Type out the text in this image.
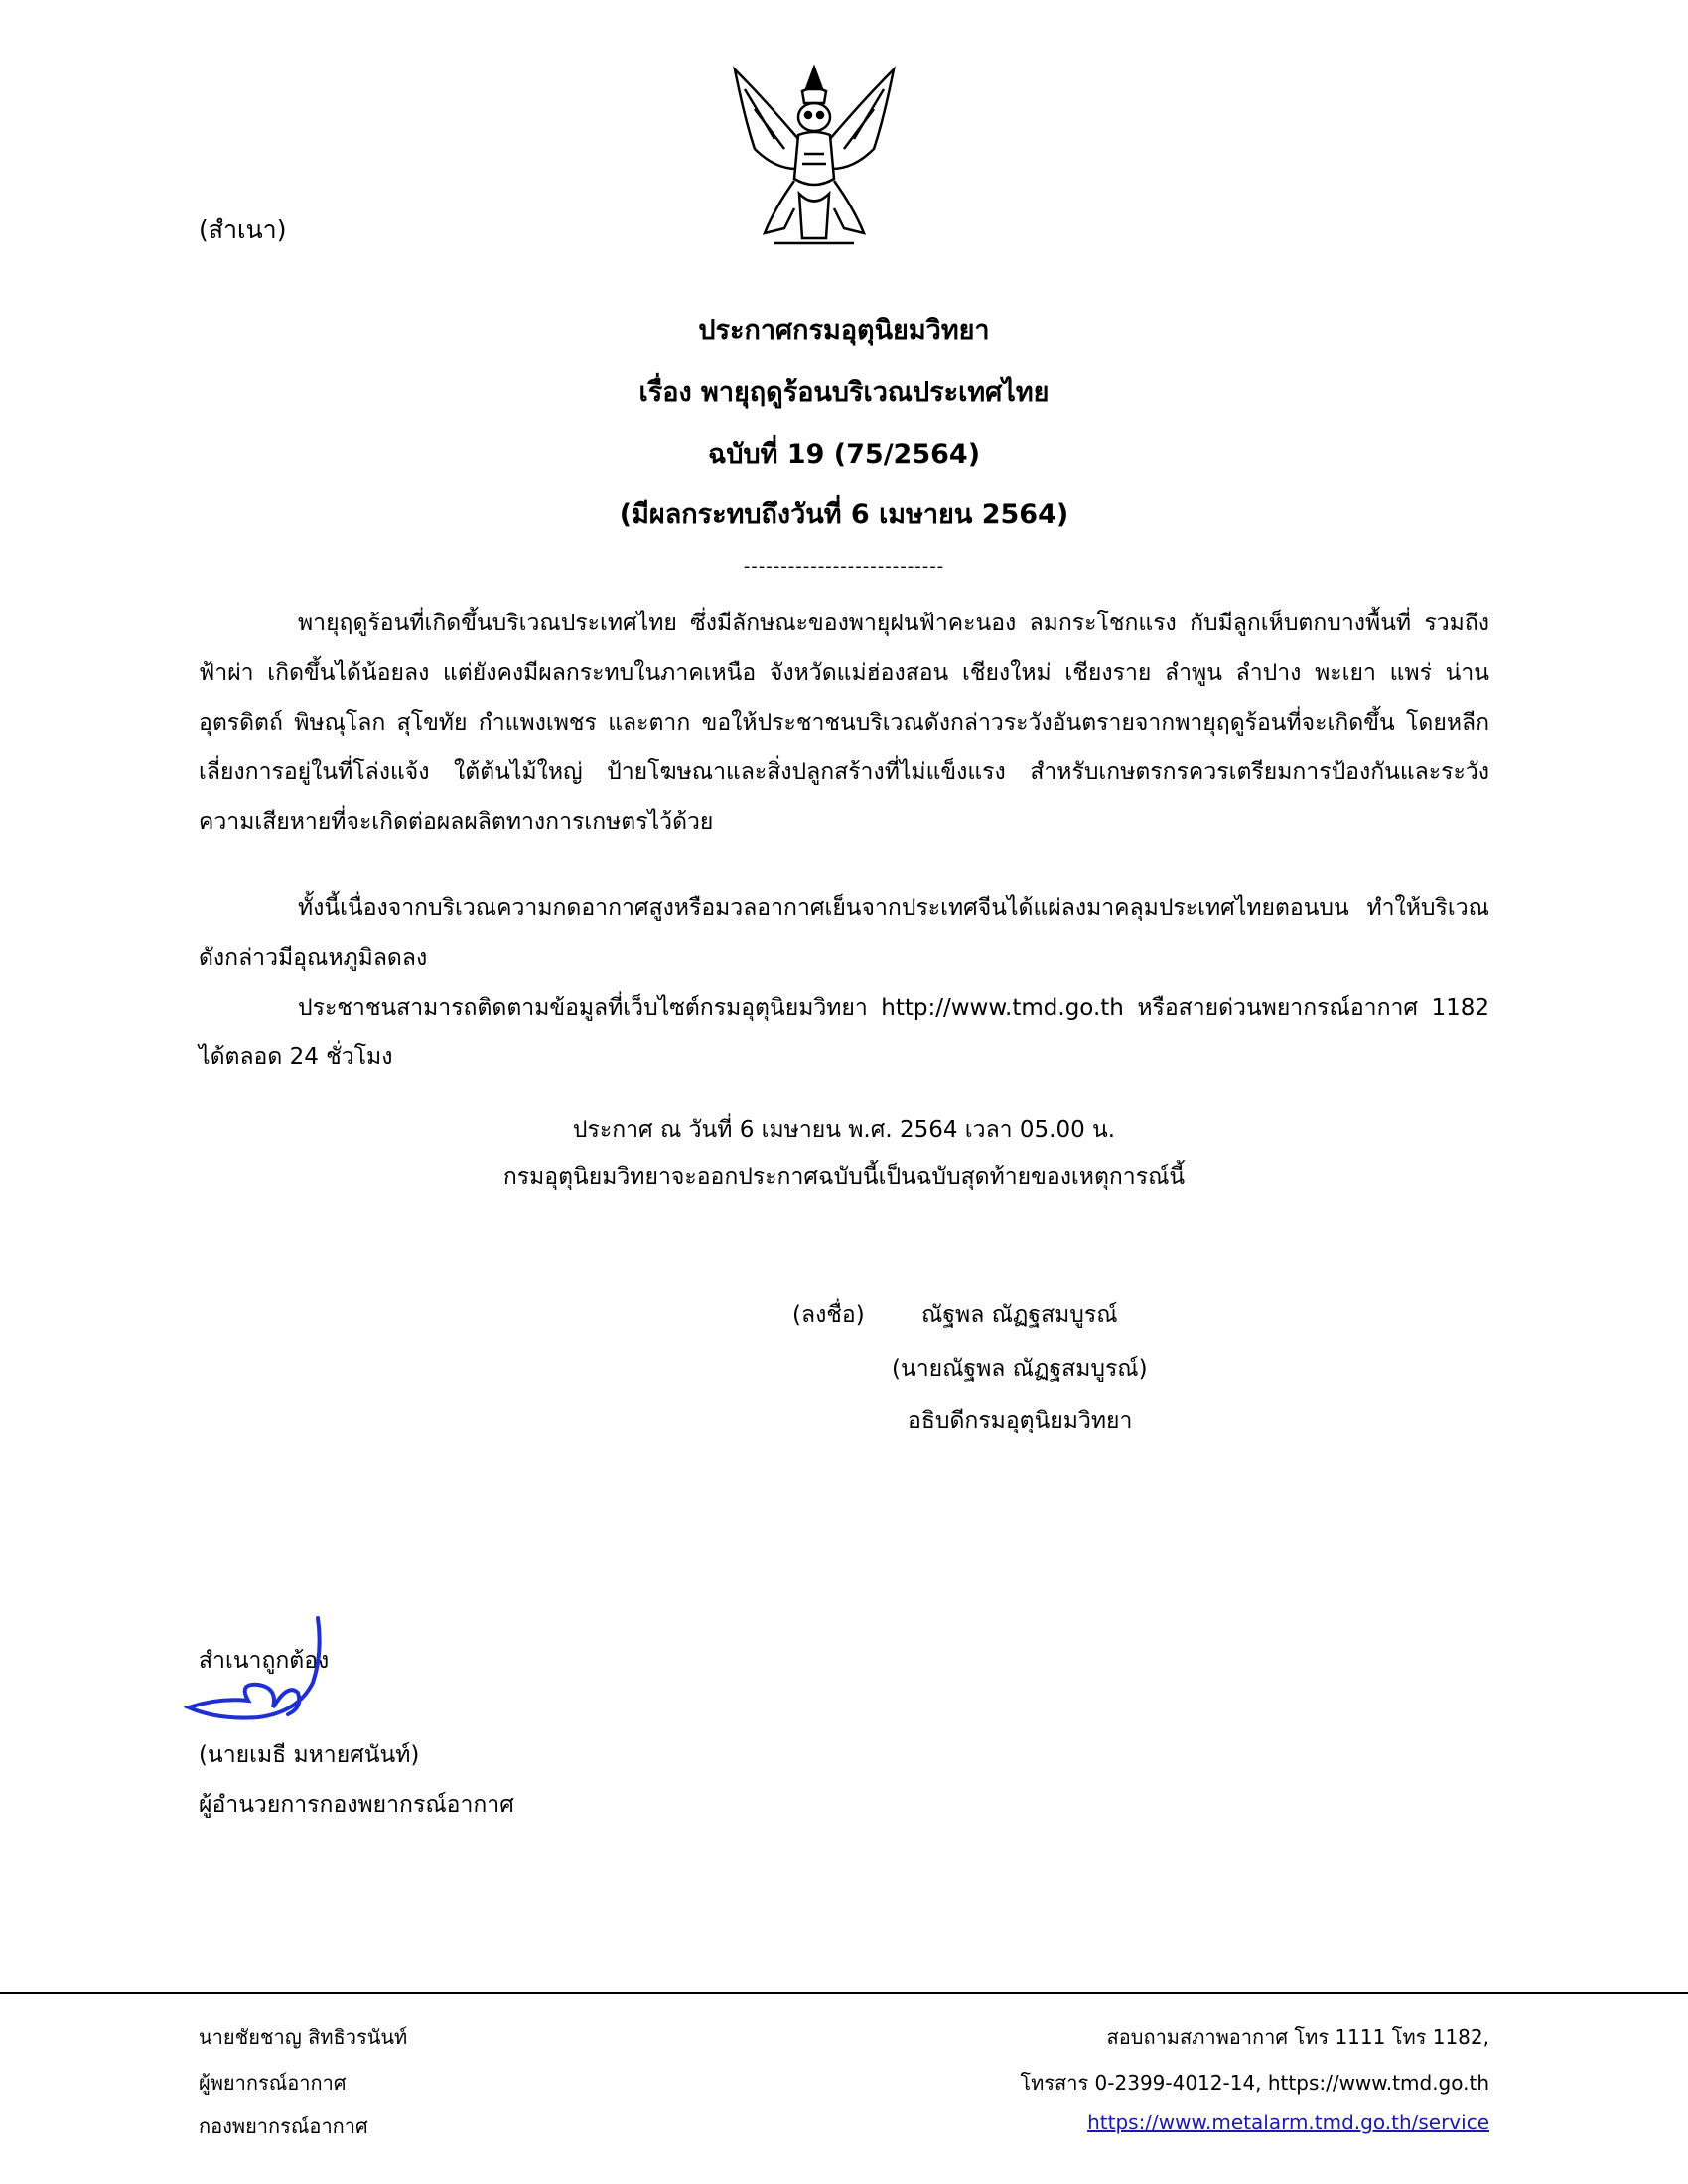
(สำเนา)
ประกาศกรมอุตุนิยมวิทยา
เรื่อง พายุฤดูร้อนบริเวณประเทศไทย
ฉบับที่ 19 (75/2564)
(มีผลกระทบถึงวันที่ 6 เมษายน 2564)
---------------------------

พายุฤดูร้อนที่เกิดขึ้นบริเวณประเทศไทย ซึ่งมีลักษณะของพายุฝนฟ้าคะนอง ลมกระโชกแรง กับมีลูกเห็บตกบางพื้นที่ รวมถึงฟ้าผ่า เกิดขึ้นได้น้อยลง แต่ยังคงมีผลกระทบในภาคเหนือ จังหวัดแม่ฮ่องสอน เชียงใหม่ เชียงราย ลำพูน ลำปาง พะเยา แพร่ น่าน อุตรดิตถ์ พิษณุโลก สุโขทัย กำแพงเพชร และตาก ขอให้ประชาชนบริเวณดังกล่าวระวังอันตรายจากพายุฤดูร้อนที่จะเกิดขึ้น โดยหลีกเลี่ยงการอยู่ในที่โล่งแจ้ง ใต้ต้นไม้ใหญ่ ป้ายโฆษณาและสิ่งปลูกสร้างที่ไม่แข็งแรง สำหรับเกษตรกรควรเตรียมการป้องกันและระวังความเสียหายที่จะเกิดต่อผลผลิตทางการเกษตรไว้ด้วย

ทั้งนี้เนื่องจากบริเวณความกดอากาศสูงหรือมวลอากาศเย็นจากประเทศจีนได้แผ่ลงมาคลุมประเทศไทยตอนบน ทำให้บริเวณดังกล่าวมีอุณหภูมิลดลง

ประชาชนสามารถติดตามข้อมูลที่เว็บไซต์กรมอุตุนิยมวิทยา http://www.tmd.go.th หรือสายด่วนพยากรณ์อากาศ 1182 ได้ตลอด 24 ชั่วโมง

ประกาศ ณ วันที่ 6 เมษายน พ.ศ. 2564 เวลา 05.00 น.
กรมอุตุนิยมวิทยาจะออกประกาศฉบับนี้เป็นฉบับสุดท้ายของเหตุการณ์นี้
(ลงชื่อ) ณัฐพล ณัฏฐสมบูรณ์
(นายณัฐพล ณัฏฐสมบูรณ์)
อธิบดีกรมอุตุนิยมวิทยา
สำเนาถูกต้อง
(นายเมธี มหายศนันท์)
ผู้อำนวยการกองพยากรณ์อากาศ
นายชัยชาญ สิทธิวรนันท์
ผู้พยากรณ์อากาศ
กองพยากรณ์อากาศ
สอบถามสภาพอากาศ โทร 1111 โทร 1182,
โทรสาร 0-2399-4012-14, https://www.tmd.go.th
https://www.metalarm.tmd.go.th/service
